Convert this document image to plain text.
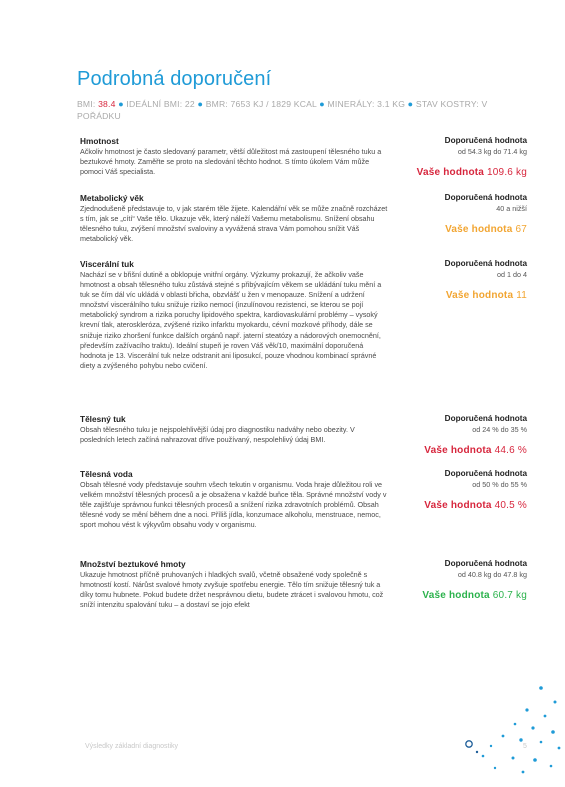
Podrobná doporučení
BMI: 38.4 ● IDEÁLNÍ BMI: 22 ● BMR: 7653 KJ / 1829 KCAL ● MINERÁLY: 3.1 KG ● STAV KOSTRY: V POŘÁDKU
Hmotnost
Ačkoliv hmotnost je často sledovaný parametr, větší důležitost má zastoupení tělesného tuku a beztukové hmoty. Zaměřte se proto na sledování těchto hodnot. S tímto úkolem Vám může pomoci Váš specialista.
Doporučená hodnota
od 54.3 kg do 71.4 kg
Vaše hodnota 109.6 kg
Metabolický věk
Zjednodušeně představuje to, v jak starém těle žijete. Kalendářní věk se může značně rozcházet s tím, jak se „cítí“ Vaše tělo. Ukazuje věk, který náleží Vašemu metabolismu. Snížení obsahu tělesného tuku, zvýšení množství svaloviny a vyvážená strava Vám pomohou snížit Váš metabolický věk.
Doporučená hodnota
40 a nižší
Vaše hodnota 67
Viscerální tuk
Nachází se v břišní dutině a obklopuje vnitřní orgány. Výzkumy prokazují, že ačkoliv vaše hmotnost a obsah tělesného tuku zůstává stejné s přibývajícím věkem se ukládání tuku mění a tuk se čím dál víc ukládá v oblasti břicha, obzvlášť u žen v menopauze. Snížení a udržení množství viscerálního tuku snižuje riziko nemocí (inzulínovou rezistenci, se kterou se pojí metabolický syndrom a rizika poruchy lipidového spektra, kardiovaskulární problémy – vysoký krevní tlak, ateroskleróza, zvýšené riziko infarktu myokardu, cévní mozkové příhody, dále se snižuje riziko zhoršení funkce dalších orgánů např. jaterní steatózy a nádorových onemocnění, především zažívacího traktu). Ideální stupeň je roven Váš věk/10, maximální doporučená hodnota je 13. Viscerální tuk nelze odstranit ani liposukcí, pouze vhodnou kombinací správné diety a zvýšeného pohybu nebo cvičení.
Doporučená hodnota
od 1 do 4
Vaše hodnota 11
Tělesný tuk
Obsah tělesného tuku je nejspolehlivější údaj pro diagnostiku nadváhy nebo obezity. V posledních letech začíná nahrazovat dříve používaný, nespolehlivý údaj BMI.
Doporučená hodnota
od 24 % do 35 %
Vaše hodnota 44.6 %
Tělesná voda
Obsah tělesné vody představuje souhrn všech tekutin v organismu. Voda hraje důležitou roli ve velkém množství tělesných procesů a je obsažena v každé buňce těla. Správné množství vody v těle zajišťuje správnou funkci tělesných procesů a snížení rizika zdravotních problémů. Obsah tělesné vody se mění během dne a noci. Příliš jídla, konzumace alkoholu, menstruace, nemoc, sport mohou vést k výkyvům obsahu vody v organismu.
Doporučená hodnota
od 50 % do 55 %
Vaše hodnota 40.5 %
Množství beztukové hmoty
Ukazuje hmotnost příčně pruhovaných i hladkých svalů, včetně obsažené vody společně s hmotností kostí. Nárůst svalové hmoty zvyšuje spotřebu energie. Tělo tím snižuje tělesný tuk a díky tomu hubnete. Pokud budete držet nesprávnou dietu, budete ztrácet i svalovou hmotu, což sníží intenzitu spalování tuku – a dostaví se jojo efekt
Doporučená hodnota
od 40.8 kg do 47.8 kg
Vaše hodnota 60.7 kg
Výsledky základní diagnostiky	5
